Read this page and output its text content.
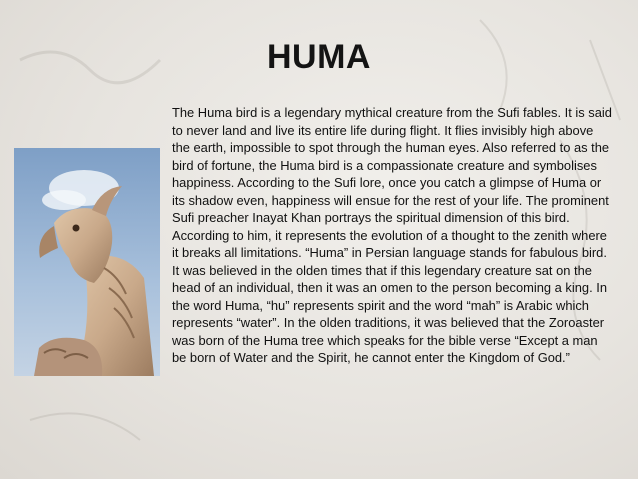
HUMA
The Huma bird is a legendary mythical creature from the Sufi fables. It is said to never land and live its entire life during flight. It flies invisibly high above the earth, impossible to spot through the human eyes. Also referred to as the bird of fortune, the Huma bird is a compassionate creature and symbolises happiness. According to the Sufi lore, once you catch a glimpse of Huma or its shadow even, happiness will ensue for the rest of your life. The prominent Sufi preacher Inayat Khan portrays the spiritual dimension of this bird. According to him, it represents the evolution of a thought to the zenith where it breaks all limitations. “Huma” in Persian language stands for fabulous bird. It was believed in the olden times that if this legendary creature sat on the head of an individual, then it was an omen to the person becoming a king. In the word Huma, “hu” represents spirit and the word “mah” is Arabic which represents “water”. In the olden traditions, it was believed that the Zoroaster was born of the Huma tree which speaks for the bible verse “Except a man be born of Water and the Spirit, he cannot enter the Kingdom of God.”
